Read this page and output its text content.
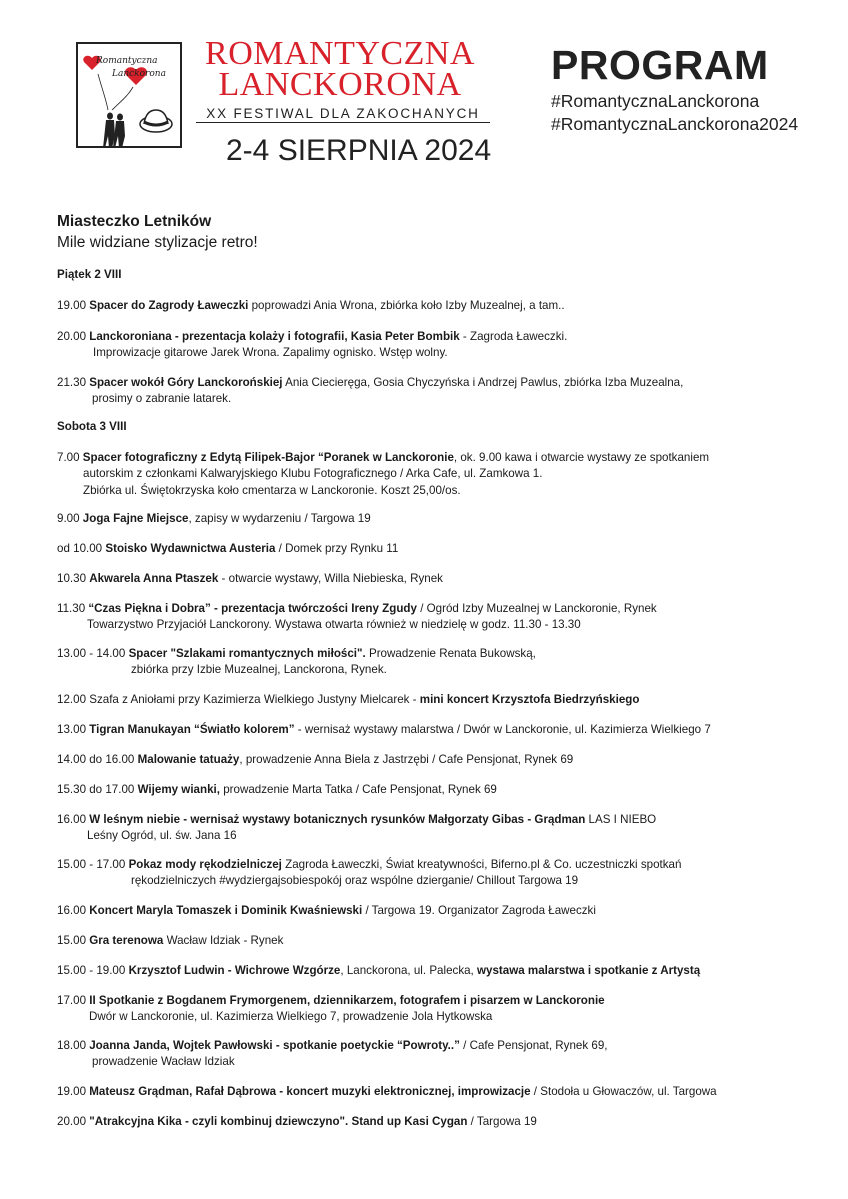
Romantyczna
Lanckorona
ROMANTYCZNA
LANCKORONA
XX FESTIWAL DLA ZAKOCHANYCH
2-4 SIERPNIA 2024
PROGRAM
#RomantycznaLanckorona
#RomantycznaLanckorona2024
Miasteczko Letników
Mile widziane stylizacje retro!
Piątek 2 VIII
19.00 Spacer do Zagrody Ławeczki poprowadzi Ania Wrona, zbiórka koło Izby Muzealnej, a tam..
20.00 Lanckoroniana - prezentacja kolaży i fotografii, Kasia Peter Bombik - Zagroda Ławeczki.
Improwizacje gitarowe Jarek Wrona. Zapalimy ognisko. Wstęp wolny.
21.30 Spacer wokół Góry Lanckorońskiej Ania Ciecieręga, Gosia Chyczyńska i Andrzej Pawlus, zbiórka Izba Muzealna,
prosimy o zabranie latarek.
Sobota 3 VIII
7.00 Spacer fotograficzny z Edytą Filipek-Bajor “Poranek w Lanckoronie, ok. 9.00 kawa i otwarcie wystawy ze spotkaniem
autorskim z członkami Kalwaryjskiego Klubu Fotograficznego / Arka Cafe, ul. Zamkowa 1.
Zbiórka ul. Świętokrzyska koło cmentarza w Lanckoronie. Koszt 25,00/os.
9.00 Joga Fajne Miejsce, zapisy w wydarzeniu / Targowa 19
od 10.00 Stoisko Wydawnictwa Austeria / Domek przy Rynku 11
10.30 Akwarela Anna Ptaszek - otwarcie wystawy, Willa Niebieska, Rynek
11.30 “Czas Piękna i Dobra” - prezentacja twórczości Ireny Zgudy / Ogród Izby Muzealnej w Lanckoronie, Rynek
Towarzystwo Przyjaciół Lanckorony. Wystawa otwarta również w niedzielę w godz. 11.30 - 13.30
13.00 - 14.00 Spacer "Szlakami romantycznych miłości". Prowadzenie Renata Bukowską,
zbiórka przy Izbie Muzealnej, Lanckorona, Rynek.
12.00 Szafa z Aniołami przy Kazimierza Wielkiego Justyny Mielcarek - mini koncert Krzysztofa Biedrzyńskiego
13.00 Tigran Manukayan “Światło kolorem” - wernisaż wystawy malarstwa / Dwór w Lanckoronie, ul. Kazimierza Wielkiego 7
14.00 do 16.00 Malowanie tatuaży, prowadzenie Anna Biela z Jastrzębi / Cafe Pensjonat, Rynek 69
15.30 do 17.00 Wijemy wianki, prowadzenie Marta Tatka / Cafe Pensjonat, Rynek 69
16.00 W leśnym niebie - wernisaż wystawy botanicznych rysunków Małgorzaty Gibas - Grądman LAS I NIEBO
Leśny Ogród, ul. św. Jana 16
15.00 - 17.00 Pokaz mody rękodzielniczej Zagroda Ławeczki, Świat kreatywności, Biferno.pl & Co. uczestniczki spotkań
rękodzielniczych #wydziergajsobiespokój oraz wspólne dzierganie/ Chillout Targowa 19
16.00 Koncert Maryla Tomaszek i Dominik Kwaśniewski / Targowa 19. Organizator Zagroda Ławeczki
15.00 Gra terenowa Wacław Idziak - Rynek
15.00 - 19.00 Krzysztof Ludwin - Wichrowe Wzgórze, Lanckorona, ul. Palecka, wystawa malarstwa i spotkanie z Artystą
17.00 II Spotkanie z Bogdanem Frymorgenem, dziennikarzem, fotografem i pisarzem w Lanckoronie
Dwór w Lanckoronie, ul. Kazimierza Wielkiego 7, prowadzenie Jola Hytkowska
18.00 Joanna Janda, Wojtek Pawłowski - spotkanie poetyckie “Powroty..” / Cafe Pensjonat, Rynek 69,
prowadzenie Wacław Idziak
19.00 Mateusz Grądman, Rafał Dąbrowa - koncert muzyki elektronicznej, improwizacje / Stodoła u Głowaczów, ul. Targowa
20.00 "Atrakcyjna Kika - czyli kombinuj dziewczyno". Stand up Kasi Cygan / Targowa 19
